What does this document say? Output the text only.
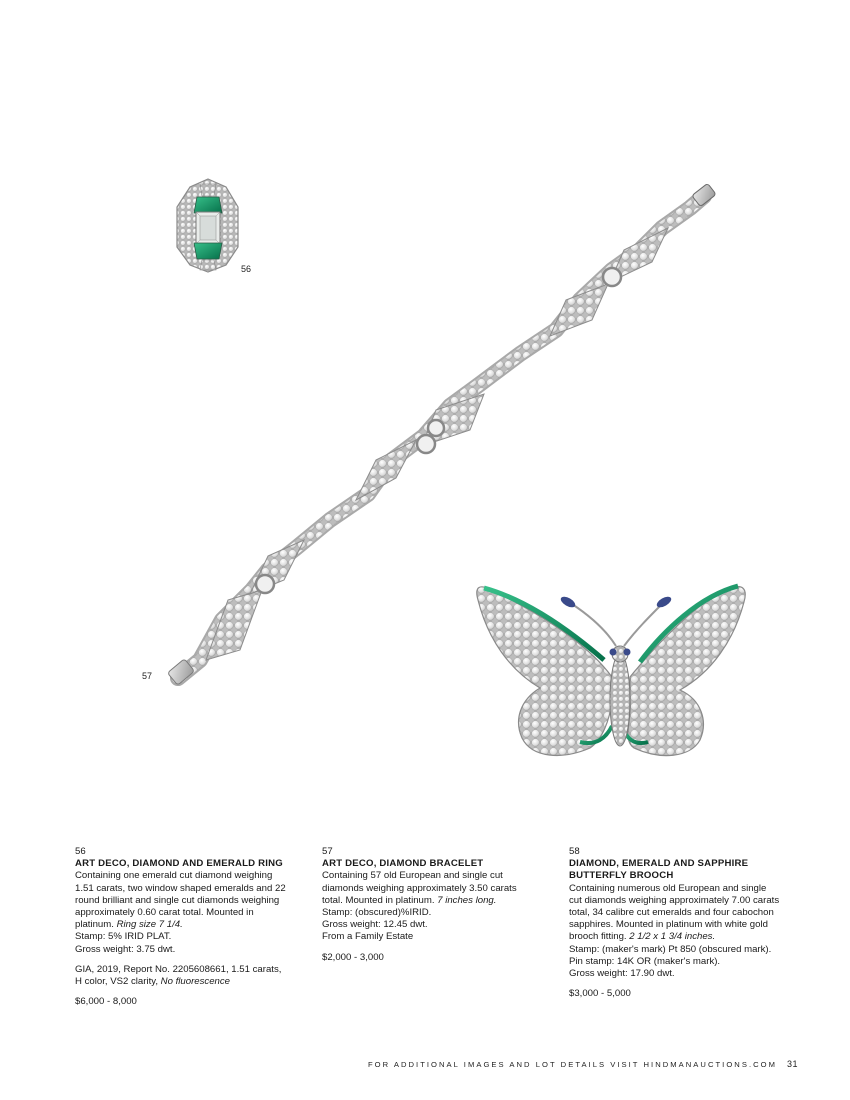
56
57
56
ART DECO, DIAMOND AND EMERALD RING
Containing one emerald cut diamond weighing
1.51 carats, two window shaped emeralds and 22
round brilliant and single cut diamonds weighing
approximately 0.60 carat total. Mounted in
platinum. Ring size 7 1/4.
Stamp: 5% IRID PLAT.
Gross weight: 3.75 dwt.
GIA, 2019, Report No. 2205608661, 1.51 carats,
H color, VS2 clarity, No fluorescence
$6,000 - 8,000
57
ART DECO, DIAMOND BRACELET
Containing 57 old European and single cut
diamonds weighing approximately 3.50 carats
total. Mounted in platinum. 7 inches long.
Stamp: (obscured)%IRID.
Gross weight: 12.45 dwt.
From a Family Estate
$2,000 - 3,000
58
DIAMOND, EMERALD AND SAPPHIRE
BUTTERFLY BROOCH
Containing numerous old European and single
cut diamonds weighing approximately 7.00 carats
total, 34 calibre cut emeralds and four cabochon
sapphires. Mounted in platinum with white gold
brooch fitting. 2 1/2 x 1 3/4 inches.
Stamp: (maker's mark) Pt 850 (obscured mark).
Pin stamp: 14K OR (maker's mark).
Gross weight: 17.90 dwt.
$3,000 - 5,000
FOR ADDITIONAL IMAGES AND LOT DETAILS VISIT HINDMANAUCTIONS.COM 31
